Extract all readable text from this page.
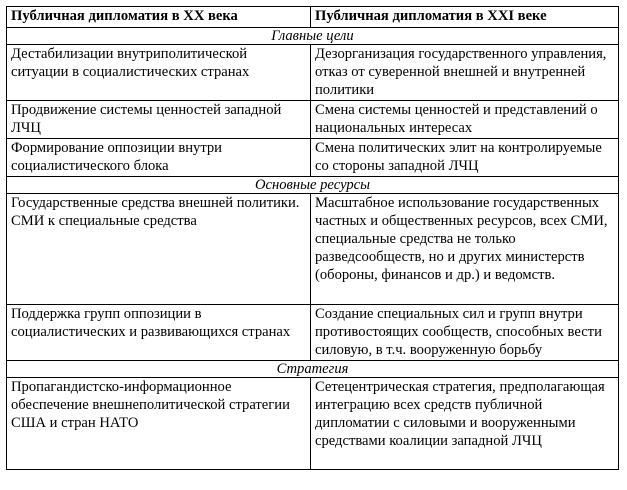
Публичная дипломатия в XX века	Публичная дипломатия в XXI веке
Главные цели	

Дестабилизации внутриполитической ситуации в социалистических странах	Дезорганизация государственного управления, отказ от суверенной внешней и внутренней политики

Продвижение системы ценностей западной ЛЧЦ	Смена системы ценностей и представлений о национальных интересах

Формирование оппозиции внутри социалистического блока	Смена политических элит на контролируемые со стороны западной ЛЧЦ

Основные ресурсы	

Государственные средства внешней политики. СМИ к специальные средства	Масштабное использование государственных частных и общественных ресурсов, всех СМИ, специальные средства не только разведсообществ, но и других министерств (обороны, финансов и др.) и ведомств.

Поддержка групп оппозиции в социалистических и развивающихся странах	Создание специальных сил и групп внутри противостоящих сообществ, способных вести силовую, в т.ч. вооруженную борьбу

Стратегия	

Пропагандистско-информационное обеспечение внешнеполитической стратегии США и стран НАТО	Сетецентрическая стратегия, предполагающая интеграцию всех средств публичной дипломатии с силовыми и вооруженными средствами коалиции западной ЛЧЦ
